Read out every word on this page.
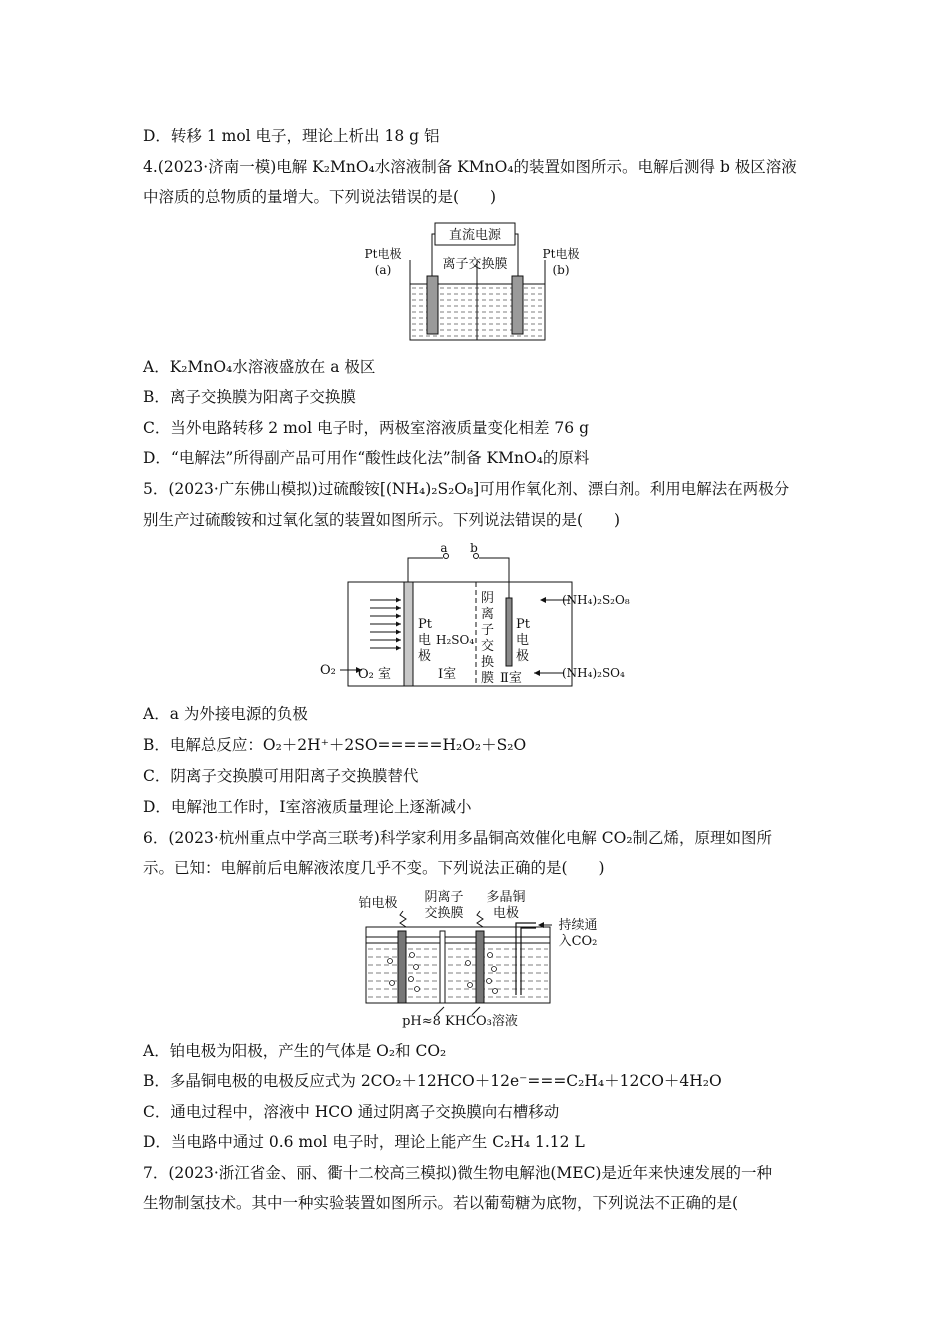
D．转移 1 mol 电子，理论上析出 18 g 铝
4.(2023·济南一模)电解 K₂MnO₄水溶液制备 KMnO₄的装置如图所示。电解后测得 b 极区溶液
中溶质的总物质的量增大。下列说法错误的是(　　)
直流电源
Pt电极
(a)	离子交换膜
Pt电极
(b)
A．K₂MnO₄水溶液盛放在 a 极区
B．离子交换膜为阳离子交换膜
C．当外电路转移 2 mol 电子时，两极室溶液质量变化相差 76 g
D．“电解法”所得副产品可用作“酸性歧化法”制备 KMnO₄的原料
5．(2023·广东佛山模拟)过硫酸铵[(NH₄)₂S₂O₈]可用作氧化剂、漂白剂。利用电解法在两极分
别生产过硫酸铵和过氧化氢的装置如图所示。下列说法错误的是(　　)
a b
O₂
(NH₄)₂S₂O₈
(NH₄)₂SO₄
O₂ 室
Pt
电
极
H₂SO₄
Ⅰ室
阴
离
子
交
换
膜 Ⅱ室
Pt
电
极
A．a 为外接电源的负极
B．电解总反应：O₂＋2H⁺＋2SO=====H₂O₂＋S₂O
C．阴离子交换膜可用阳离子交换膜替代
D．电解池工作时，Ⅰ室溶液质量理论上逐渐减小
6．(2023·杭州重点中学高三联考)科学家利用多晶铜高效催化电解 CO₂制乙烯，原理如图所
示。已知：电解前后电解液浓度几乎不变。下列说法正确的是(　　)
铂电极 阴离子
交换膜
多晶铜
电极
持续通
入CO₂
pH≈8 KHCO₃溶液
A．铂电极为阳极，产生的气体是 O₂和 CO₂
B．多晶铜电极的电极反应式为 2CO₂＋12HCO＋12e⁻===C₂H₄＋12CO＋4H₂O
C．通电过程中，溶液中 HCO 通过阴离子交换膜向右槽移动
D．当电路中通过 0.6 mol 电子时，理论上能产生 C₂H₄ 1.12 L
7．(2023·浙江省金、丽、衢十二校高三模拟)微生物电解池(MEC)是近年来快速发展的一种
生物制氢技术。其中一种实验装置如图所示。若以葡萄糖为底物，下列说法不正确的是(
